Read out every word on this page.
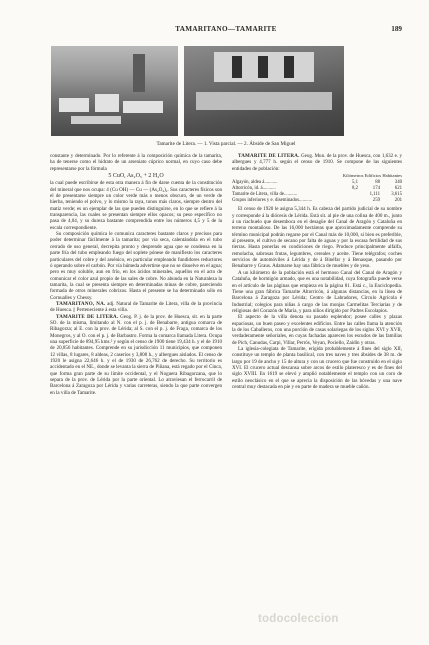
TAMARITANO—TAMARITE	189
Tamarite de Litera. — 1. Vista parcial. — 2. Ábside de San Miguel

constante y determinado. Por lo referente á la composición química de la tamarita, ha de tenerse como el hidrato de un arseniato cúprico normal, en cuyo caso debe representarse por la fórmula

5 CuO, As₂O₅ + 2 H₂O

la cual puede escribirse de esta otra manera á fin de darse cuenta de la constitución del mineral que nos ocupa: 4 (Cu OH) — Cu — (As₂O₄)₂. Sus caracteres físicos son el de presentarse siempre un color verde más o menos obscuro, de un verde de hierba, teniendo el polvo, y lo mismo la raya, tonos más claros, siempre dentro del matiz verde; es un ejemplar de las que pueden distinguirse, en lo que se refiere á la transparencia, las cuales se presentan siempre ellos opacos; su peso específico no pasa de 4,04, y su dureza bastante comprendida entre los números 4,5 y 5 de la escala correspondiente.

Su composición química le comunica caracteres bastante claros y precisos para poder determinar fácilmente á la tamarita; por vía seca, calentándola en el tubo cerrado de uso general, decrepita pronto y desprende agua que se condensa en la parte fría del tubo empleando fuego del soplete pónese de manifiesto los caracteres particulares del cobre y del arsénico, en particular empleando fundidores reductores ó operando sobre el carbón. Por vía húmeda advertirse que no se disuelve en el agua; pero es muy soluble, aun en frío, en los ácidos minerales, aquellos en el acto de comunicar el color azul propio de las sales de cobre. No abunda en la Naturaleza la tamarita, la cual se presenta siempre en determinadas minas de cobre, pareciendo formada de otros minerales cobrizos. Hasta el presente se ha determinado sólo en Cornualles y Chessy.

TAMARITANO, NA. adj. Natural de Tamarite de Litera, villa de la provincia de Huesca. || Perteneciente á esta villa.

TAMARITE DE LITERA. Geog. P. j. de la prov. de Huesca, sit. en la parte SO. de la misma, limitando al N. con el p. j. de Benabarre, antigua comarca de Ribagorza; al E. con la prov. de Lérida; al S. con el p. j. de Fraga, comarca de los Monegros, y al O. con el p. j. de Barbastro. Forma la comarca llamada Litera. Ocupa una superficie de 894,95 kms.² y según el censo de 1900 tiene 19,434 h. y el de 1910 de 20,856 habitantes. Comprende en su jurisdicción 11 municipios, que componen 12 villas, 8 lugares, 8 aldeas, 2 caseríos y 3,808 h., y albergues aislados. El censo de 1920 le asigna 22,646 h. y el de 1930 de 26,762 de derecho. Su territorio es accidentado en el NE., donde se levanta la sierra de Piñana, está regado por el Cinca, que forma gran parte de su límite occidental, y el Noguera Ribagorzana, que lo separa de la prov. de Lérida por la parte oriental. Lo atraviesan el ferrocarril de Barcelona á Zaragoza por Lérida y varias carreteras, siendo la que parte convergen en la villa de Tamarite.

TAMARITE DE LITERA. Geog. Mun. de la prov. de Huesca, con 1,632 e. y albergues y 4,777 h. según el censo de 1910. Se compone de las siguientes entidades de población:

Kilómetros Edificios Habitantes
Algayón, aldea á...........	5,1	88	340
Altorricón, id. á...........	8,2	174	621
Tamarite de Litera, villa de...........		1,111	3,615
Grupos inferiores y e. diseminados...........		259	201

El censo de 1920 le asigna 5,344 h. Es cabeza del partido judicial de su nombre y corresponde á la diócesis de Lérida. Está sit. al pie de una colina de 400 m., junto á un riachuelo que desemboca en el desagüe del Canal de Aragón y Cataluña en terreno montañoso. De las 16,000 hectáreas que aproximadamente comprende su término municipal podrán regarse por el Canal más de 10,000, si bien es preferible, al presente, el cultivo de secano por falta de aguas y por la escasa fertilidad de sus tierras. Hasta ponerlas en condiciones de riego. Produce principalmente alfalfa, remolacha, sabrosas frutas, legumbres, cereales y aceite. Tiene telégrafos; coches servicios de automóviles á Lérida y de á Binéfar y á Benasque, pasando por Benabarre y Graus. Adamarse hay una fábrica de muebles y de yeso.

A un kilómetro de la población está el hermoso Canal del Canal de Aragón y Cataluña, de hormigón armado, que es una notabilidad, cuya fotografía puede verse en el artículo de las páginas que empieza en la página 81. Está c., la Enciclopedia. Tiene una gran fábrica Tamarite Altorricón, á algunas distancias, en la línea de Barcelona á Zaragoza por Lérida; Centro de Labradores, Círculo Agrícola é Industrial; colegios para niñas á cargo de las monjas Carmelitas Terciarias y de religiosas del Corazón de María, y para niños dirigido por Padres Escolapios.

El aspecto de la villa denota su pasado esplendor; posee calles y plazas espaciosas, un buen paseo y excelentes edificios. Entre las calles llama la atención la de los Caballeros, con una porción de casas solariegas de los siglos XVI y XVII, verdaderamente señoriales, en cuyas fachadas aparecen los escudos de las familias de Pich, Canudas, Carpi, Villar, Perrós, Veyan, Pociello, Zaidín y otras.

La iglesia-colegiata de Tamarite, erigida probablemente á fines del siglo XII, constituye un templo de planta basilical, con tres naves y tres ábsides de 38 m. de largo por 19 de ancho y 15 de altura y con un crucero que fue construido en el siglo XVI. El crucero actual descansa sobre arcos de estilo plateresco y es de fines del siglo XVIII. En 1619 se elevó y amplió notablemente el templo con un coro de estilo neoclásico en el que se aprecia la disposición de las bóvedas y una nave central muy destacada en pie y en parte de madera se mueble cañón.

todocoleccion
